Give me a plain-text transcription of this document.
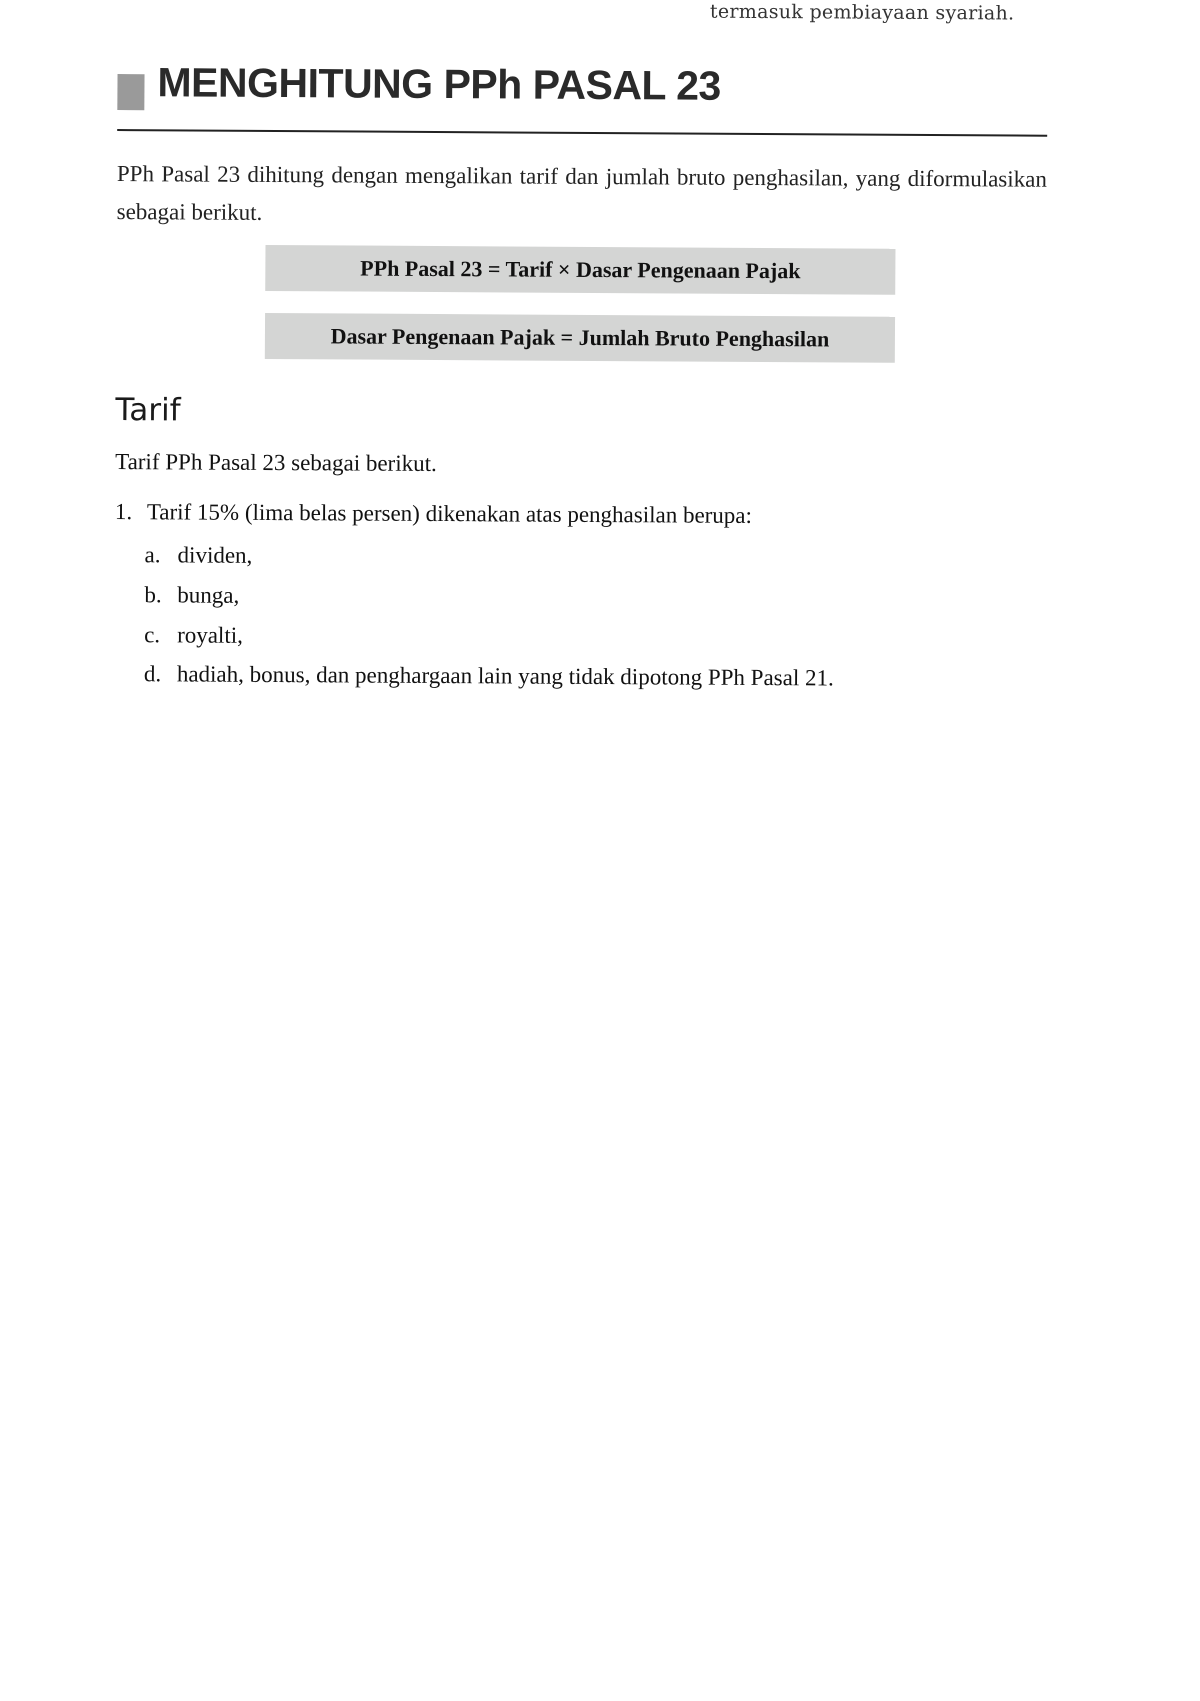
termasuk pembiayaan syariah.
MENGHITUNG PPh PASAL 23

PPh Pasal 23 dihitung dengan mengalikan tarif dan jumlah bruto penghasilan, yang diformulasikan sebagai berikut.

PPh Pasal 23 = Tarif × Dasar Pengenaan Pajak
Dasar Pengenaan Pajak = Jumlah Bruto Penghasilan
Tarif
Tarif PPh Pasal 23 sebagai berikut.
1. Tarif 15% (lima belas persen) dikenakan atas penghasilan berupa:
a. dividen,
b. bunga,
c. royalti,
d. hadiah, bonus, dan penghargaan lain yang tidak dipotong PPh Pasal 21.
